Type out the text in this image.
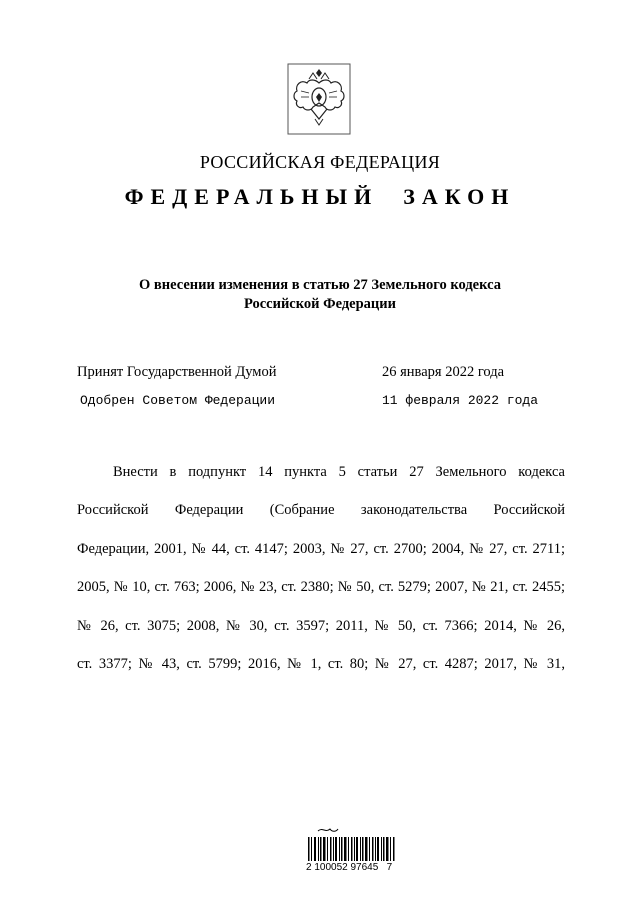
РОССИЙСКАЯ ФЕДЕРАЦИЯ
ФЕДЕРАЛЬНЫЙ  ЗАКОН
О внесении изменения в статью 27 Земельного кодекса
Российской Федерации
Принят Государственной Думой	26 января 2022 года
Одобрен Советом Федерации	11 февраля 2022 года
Внести в подпункт 14 пункта 5 статьи 27 Земельного кодекса
Российской Федерации (Собрание законодательства Российской
Федерации, 2001, № 44, ст. 4147; 2003, № 27, ст. 2700; 2004, № 27, ст. 2711;
2005, № 10, ст. 763; 2006, № 23, ст. 2380; № 50, ст. 5279; 2007, № 21, ст. 2455;
№ 26, ст. 3075; 2008, № 30, ст. 3597; 2011, № 50, ст. 7366; 2014, № 26,
ст. 3377; № 43, ст. 5799; 2016, № 1, ст. 80; № 27, ст. 4287; 2017, № 31,
2 100052 97645   7
